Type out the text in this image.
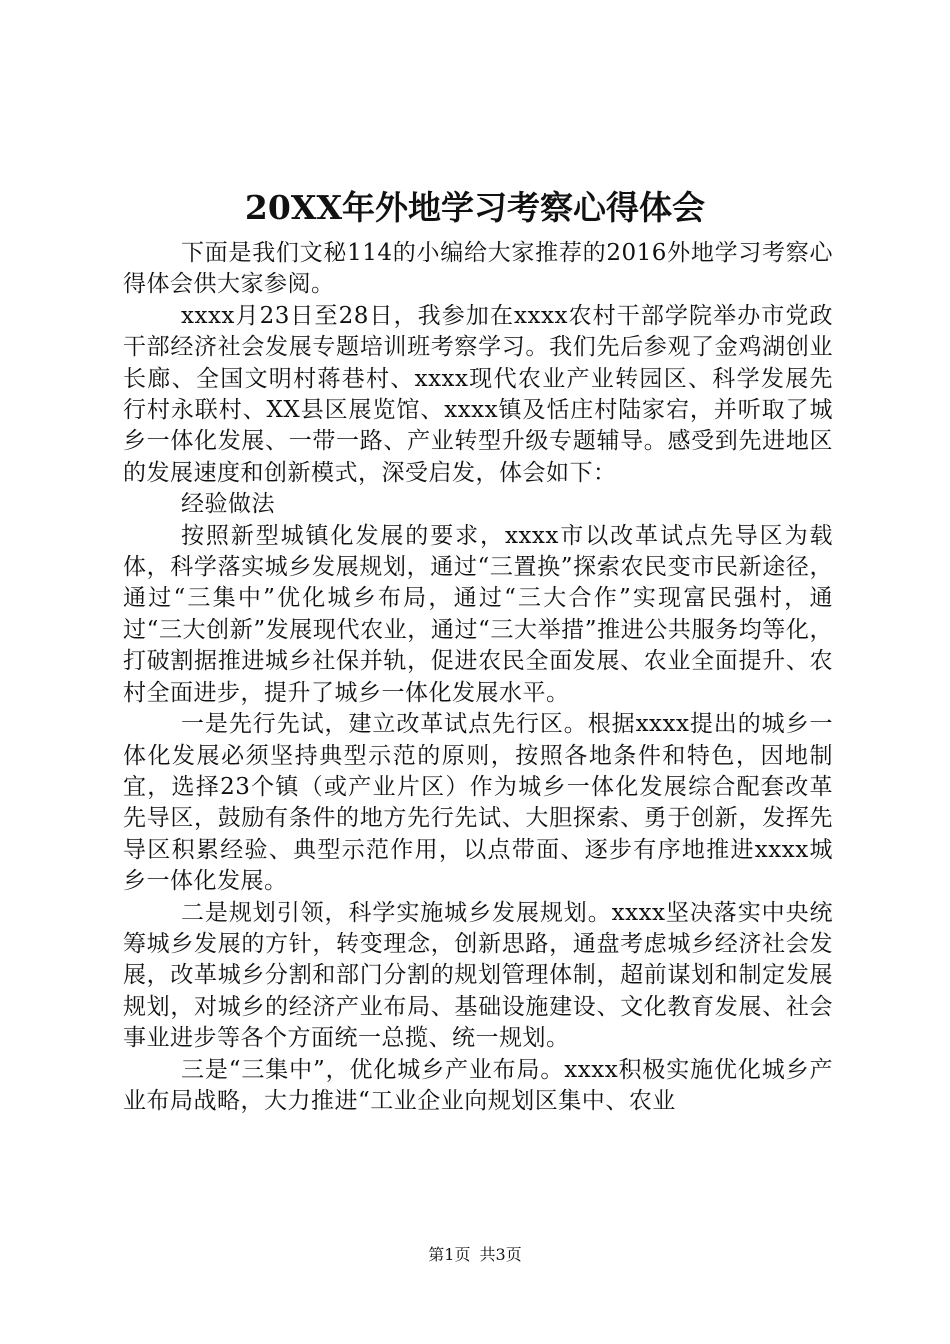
20XX年外地学习考察心得体会

下面是我们文秘114的小编给大家推荐的2016外地学习考察心得体会供大家参阅。

xxxx月23日至28日，我参加在xxxx农村干部学院举办市党政干部经济社会发展专题培训班考察学习。我们先后参观了金鸡湖创业长廊、全国文明村蒋巷村、xxxx现代农业产业转园区、科学发展先行村永联村、XX县区展览馆、xxxx镇及恬庄村陆家宕，并听取了城乡一体化发展、一带一路、产业转型升级专题辅导。感受到先进地区的发展速度和创新模式，深受启发，体会如下：

经验做法

按照新型城镇化发展的要求，xxxx市以改革试点先导区为载体，科学落实城乡发展规划，通过“三置换”探索农民变市民新途径，通过“三集中”优化城乡布局，通过“三大合作”实现富民强村，通过“三大创新”发展现代农业，通过“三大举措”推进公共服务均等化，打破割据推进城乡社保并轨，促进农民全面发展、农业全面提升、农村全面进步，提升了城乡一体化发展水平。

一是先行先试，建立改革试点先行区。根据xxxx提出的城乡一体化发展必须坚持典型示范的原则，按照各地条件和特色，因地制宜，选择23个镇（或产业片区）作为城乡一体化发展综合配套改革先导区，鼓励有条件的地方先行先试、大胆探索、勇于创新，发挥先导区积累经验、典型示范作用，以点带面、逐步有序地推进xxxx城乡一体化发展。

二是规划引领，科学实施城乡发展规划。xxxx坚决落实中央统筹城乡发展的方针，转变理念，创新思路，通盘考虑城乡经济社会发展，改革城乡分割和部门分割的规划管理体制，超前谋划和制定发展规划，对城乡的经济产业布局、基础设施建设、文化教育发展、社会事业进步等各个方面统一总揽、统一规划。

三是“三集中”，优化城乡产业布局。xxxx积极实施优化城乡产业布局战略，大力推进“工业企业向规划区集中、农业

第1页 共3页
